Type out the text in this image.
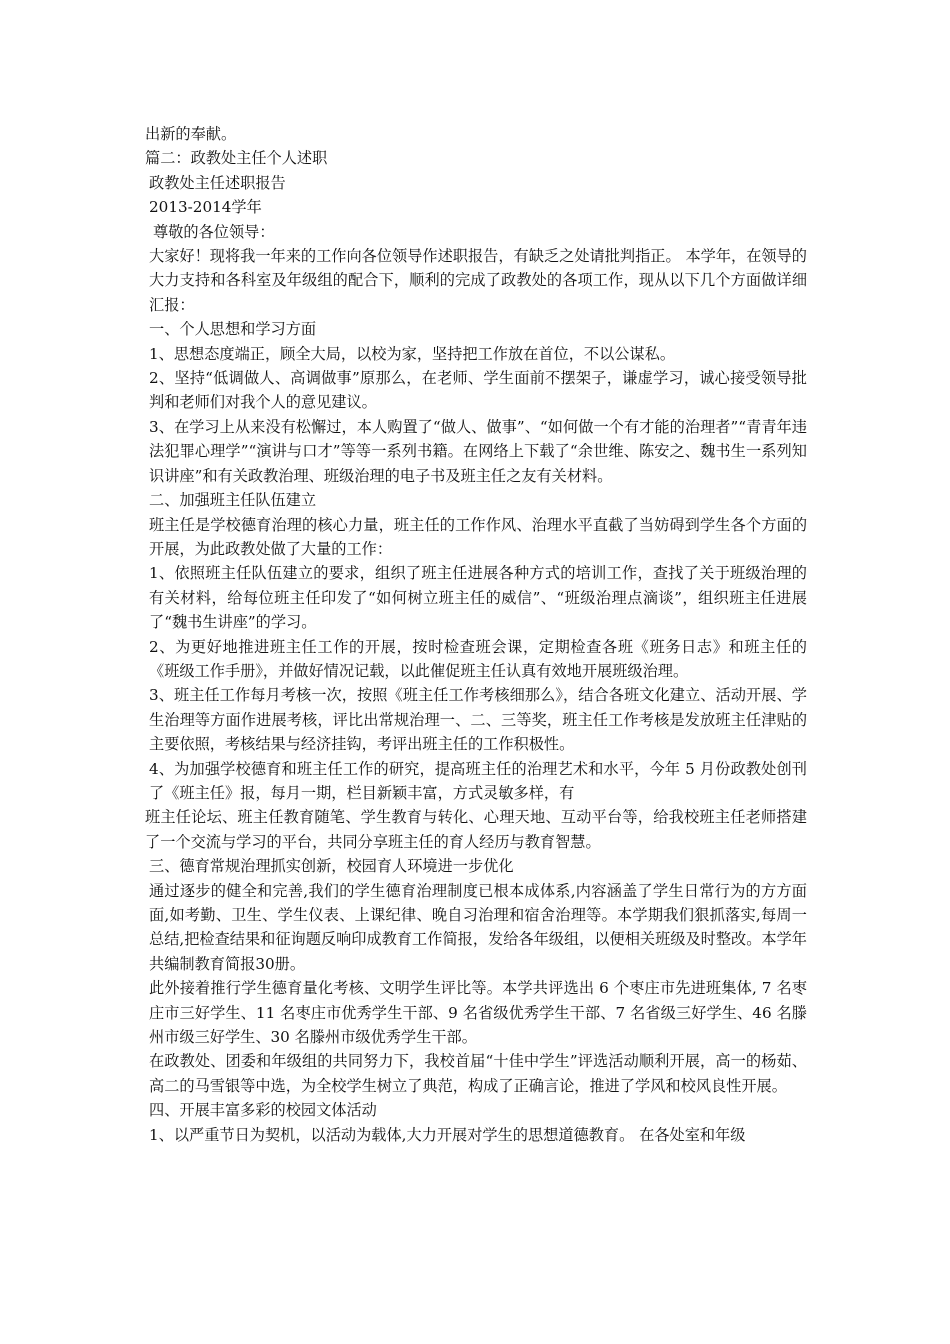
出新的奉献。

篇二：政教处主任个人述职

政教处主任述职报告

2013-2014学年

尊敬的各位领导：

大家好！现将我一年来的工作向各位领导作述职报告，有缺乏之处请批判指正。 本学年，在领导的大力支持和各科室及年级组的配合下，顺利的完成了政教处的各项工作，现从以下几个方面做详细汇报：

一、个人思想和学习方面

1、思想态度端正，顾全大局，以校为家，坚持把工作放在首位，不以公谋私。

2、坚持“低调做人、高调做事”原那么，在老师、学生面前不摆架子，谦虚学习，诚心接受领导批判和老师们对我个人的意见建议。

3、在学习上从来没有松懈过，本人购置了“做人、做事”、“如何做一个有才能的治理者”“青青年违法犯罪心理学”“演讲与口才”等等一系列书籍。在网络上下载了“余世维、陈安之、魏书生一系列知识讲座”和有关政教治理、班级治理的电子书及班主任之友有关材料。

二、加强班主任队伍建立

班主任是学校德育治理的核心力量，班主任的工作作风、治理水平直截了当妨碍到学生各个方面的开展，为此政教处做了大量的工作：

1、依照班主任队伍建立的要求，组织了班主任进展各种方式的培训工作，查找了关于班级治理的有关材料，给每位班主任印发了“如何树立班主任的威信”、“班级治理点滴谈”，组织班主任进展了“魏书生讲座”的学习。

2、为更好地推进班主任工作的开展，按时检查班会课，定期检查各班《班务日志》和班主任的《班级工作手册》，并做好情况记载，以此催促班主任认真有效地开展班级治理。

3、班主任工作每月考核一次，按照《班主任工作考核细那么》，结合各班文化建立、活动开展、学生治理等方面作进展考核，评比出常规治理一、二、三等奖，班主任工作考核是发放班主任津贴的主要依照，考核结果与经济挂钩，考评出班主任的工作积极性。

4、为加强学校德育和班主任工作的研究，提高班主任的治理艺术和水平，今年 5 月份政教处创刊了《班主任》报，每月一期，栏目新颖丰富，方式灵敏多样，有

班主任论坛、班主任教育随笔、学生教育与转化、心理天地、互动平台等，给我校班主任老师搭建了一个交流与学习的平台，共同分享班主任的育人经历与教育智慧。

三、德育常规治理抓实创新，校园育人环境进一步优化

通过逐步的健全和完善,我们的学生德育治理制度已根本成体系,内容涵盖了学生日常行为的方方面面,如考勤、卫生、学生仪表、上课纪律、晚自习治理和宿舍治理等。本学期我们狠抓落实,每周一总结,把检查结果和征询题反响印成教育工作简报，发给各年级组，以便相关班级及时整改。本学年共编制教育简报30册。

此外接着推行学生德育量化考核、文明学生评比等。本学共评选出 6 个枣庄市先进班集体, 7 名枣庄市三好学生、11 名枣庄市优秀学生干部、9 名省级优秀学生干部、7 名省级三好学生、46 名滕州市级三好学生、30 名滕州市级优秀学生干部。

在政教处、团委和年级组的共同努力下，我校首届“十佳中学生”评选活动顺利开展，高一的杨茹、高二的马雪银等中选，为全校学生树立了典范，构成了正确言论，推进了学风和校风良性开展。

四、开展丰富多彩的校园文体活动

1、以严重节日为契机，以活动为载体,大力开展对学生的思想道德教育。 在各处室和年级
